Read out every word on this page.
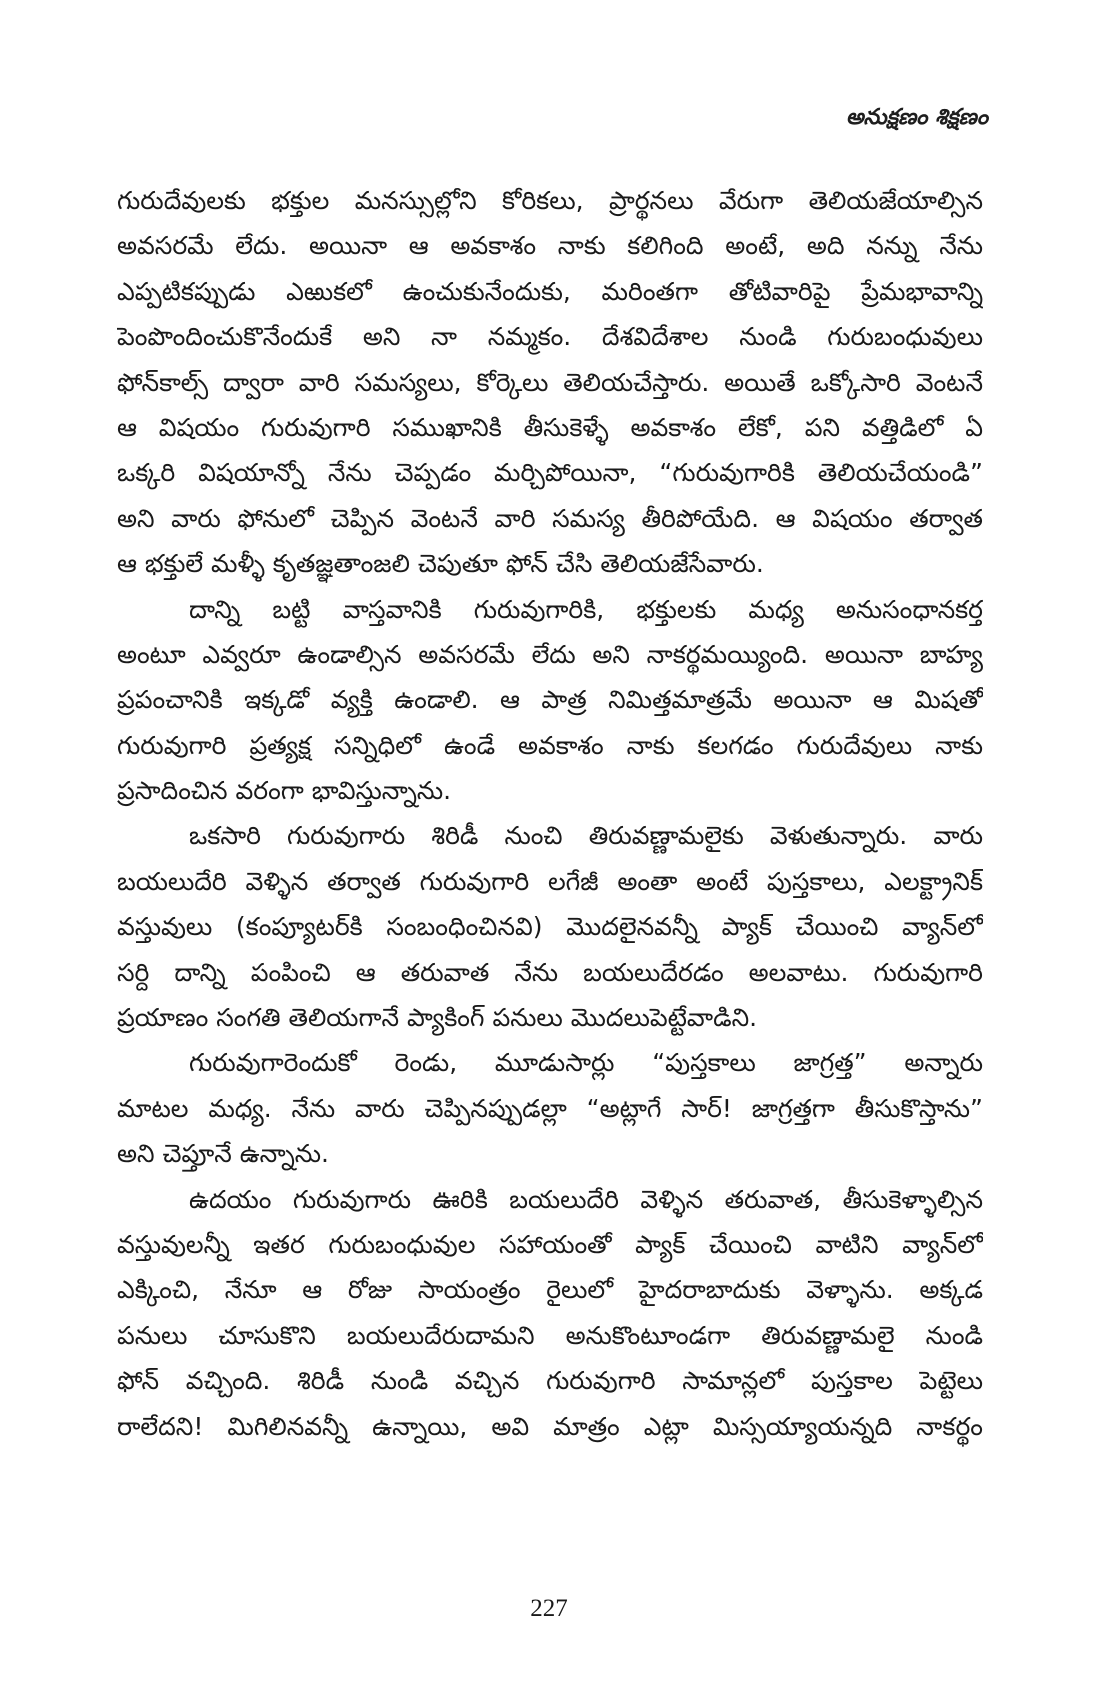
అనుక్షణం శిక్షణం
గురుదేవులకు భక్తుల మనస్సుల్లోని కోరికలు, ప్రార్థనలు వేరుగా తెలియజేయాల్సిన
అవసరమే లేదు. అయినా ఆ అవకాశం నాకు కలిగింది అంటే, అది నన్ను నేను
ఎప్పటికప్పుడు ఎఱుకలో ఉంచుకునేందుకు, మరింతగా తోటివారిపై ప్రేమభావాన్ని
పెంపొందించుకొనేందుకే అని నా నమ్మకం. దేశవిదేశాల నుండి గురుబంధువులు
ఫోన్‌కాల్స్ ద్వారా వారి సమస్యలు, కోర్కెలు తెలియచేస్తారు. అయితే ఒక్కోసారి వెంటనే
ఆ విషయం గురువుగారి సముఖానికి తీసుకెళ్ళే అవకాశం లేకో, పని వత్తిడిలో ఏ
ఒక్కరి విషయాన్నో నేను చెప్పడం మర్చిపోయినా, “గురువుగారికి తెలియచేయండి”
అని వారు ఫోనులో చెప్పిన వెంటనే వారి సమస్య తీరిపోయేది. ఆ విషయం తర్వాత
ఆ భక్తులే మళ్ళీ కృతజ్ఞతాంజలి చెపుతూ ఫోన్ చేసి తెలియజేసేవారు.
దాన్ని బట్టి వాస్తవానికి గురువుగారికి, భక్తులకు మధ్య అనుసంధానకర్త
అంటూ ఎవ్వరూ ఉండాల్సిన అవసరమే లేదు అని నాకర్థమయ్యింది. అయినా బాహ్య
ప్రపంచానికి ఇక్కడో వ్యక్తి ఉండాలి. ఆ పాత్ర నిమిత్తమాత్రమే అయినా ఆ మిషతో
గురువుగారి ప్రత్యక్ష సన్నిధిలో ఉండే అవకాశం నాకు కలగడం గురుదేవులు నాకు
ప్రసాదించిన వరంగా భావిస్తున్నాను.
ఒకసారి గురువుగారు శిరిడీ నుంచి తిరువణ్ణామలైకు వెళుతున్నారు. వారు
బయలుదేరి వెళ్ళిన తర్వాత గురువుగారి లగేజీ అంతా అంటే పుస్తకాలు, ఎలక్ట్రానిక్
వస్తువులు (కంప్యూటర్‌కి సంబంధించినవి) మొదలైనవన్నీ ప్యాక్ చేయించి వ్యాన్‌లో
సర్ది దాన్ని పంపించి ఆ తరువాత నేను బయలుదేరడం అలవాటు. గురువుగారి
ప్రయాణం సంగతి తెలియగానే ప్యాకింగ్ పనులు మొదలుపెట్టేవాడిని.
గురువుగారెందుకో రెండు, మూడుసార్లు “పుస్తకాలు జాగ్రత్త” అన్నారు
మాటల మధ్య. నేను వారు చెప్పినప్పుడల్లా “అట్లాగే సార్! జాగ్రత్తగా తీసుకొస్తాను”
అని చెప్తూనే ఉన్నాను.
ఉదయం గురువుగారు ఊరికి బయలుదేరి వెళ్ళిన తరువాత, తీసుకెళ్ళాల్సిన
వస్తువులన్నీ ఇతర గురుబంధువుల సహాయంతో ప్యాక్ చేయించి వాటిని వ్యాన్‌లో
ఎక్కించి, నేనూ ఆ రోజు సాయంత్రం రైలులో హైదరాబాదుకు వెళ్ళాను. అక్కడ
పనులు చూసుకొని బయలుదేరుదామని అనుకొంటూండగా తిరువణ్ణామలై నుండి
ఫోన్ వచ్చింది. శిరిడీ నుండి వచ్చిన గురువుగారి సామాన్లలో పుస్తకాల పెట్టెలు
రాలేదని! మిగిలినవన్నీ ఉన్నాయి, అవి మాత్రం ఎట్లా మిస్సయ్యాయన్నది నాకర్థం
227
